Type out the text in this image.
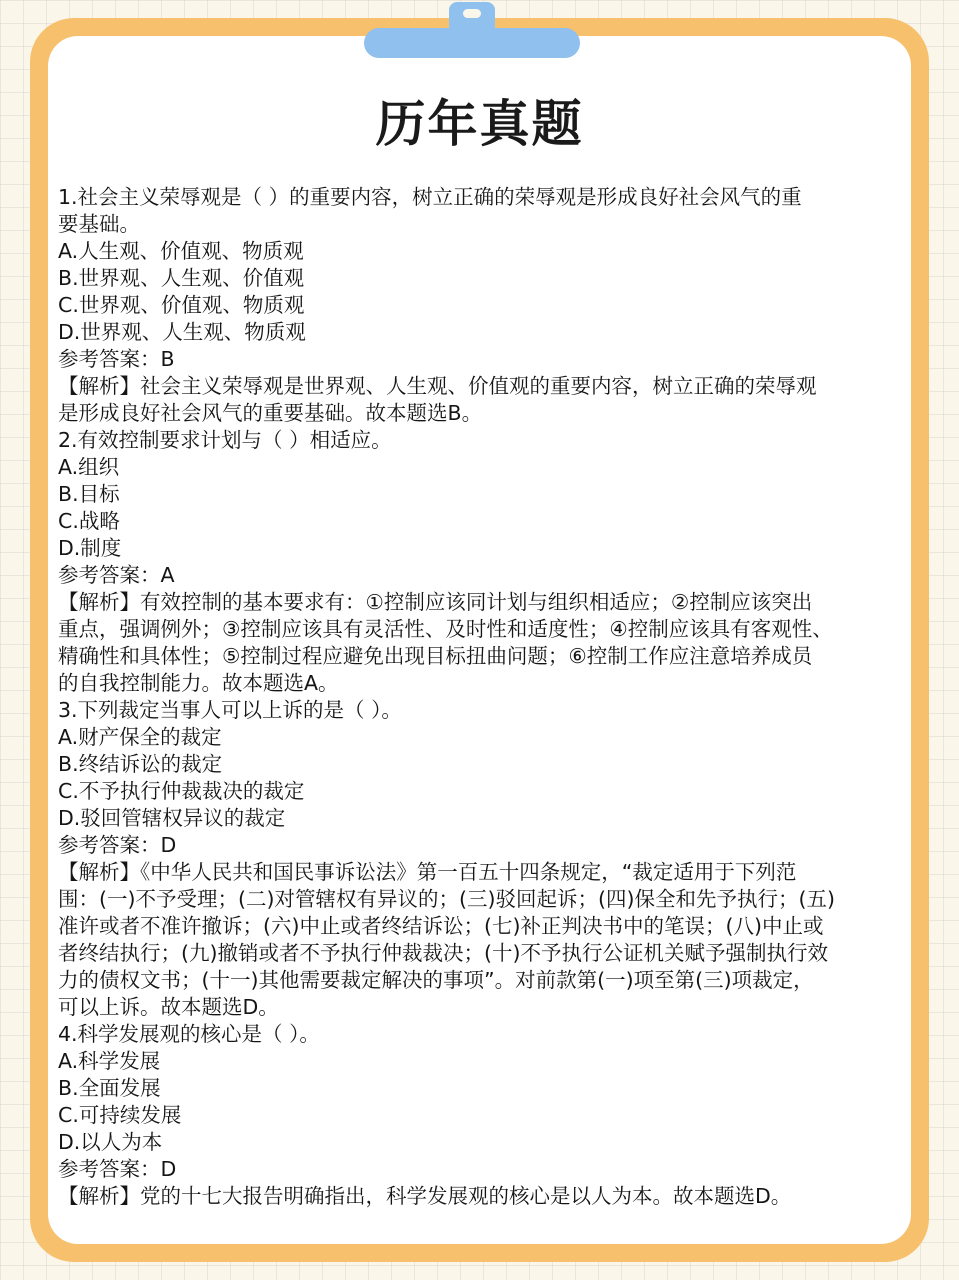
历年真题

1.社会主义荣辱观是（ ）的重要内容，树立正确的荣辱观是形成良好社会风气的重

要基础。

A.人生观、价值观、物质观

B.世界观、人生观、价值观

C.世界观、价值观、物质观

D.世界观、人生观、物质观

参考答案：B

【解析】社会主义荣辱观是世界观、人生观、价值观的重要内容，树立正确的荣辱观

是形成良好社会风气的重要基础。故本题选B。

2.有效控制要求计划与（ ）相适应。

A.组织

B.目标

C.战略

D.制度

参考答案：A

【解析】有效控制的基本要求有：①控制应该同计划与组织相适应；②控制应该突出

重点，强调例外；③控制应该具有灵活性、及时性和适度性；④控制应该具有客观性、

精确性和具体性；⑤控制过程应避免出现目标扭曲问题；⑥控制工作应注意培养成员

的自我控制能力。故本题选A。

3.下列裁定当事人可以上诉的是（ ）。

A.财产保全的裁定

B.终结诉讼的裁定

C.不予执行仲裁裁决的裁定

D.驳回管辖权异议的裁定

参考答案：D

【解析】《中华人民共和国民事诉讼法》第一百五十四条规定，“裁定适用于下列范

围：(一)不予受理；(二)对管辖权有异议的；(三)驳回起诉；(四)保全和先予执行；(五)

准许或者不准许撤诉；(六)中止或者终结诉讼；(七)补正判决书中的笔误；(八)中止或

者终结执行；(九)撤销或者不予执行仲裁裁决；(十)不予执行公证机关赋予强制执行效

力的债权文书；(十一)其他需要裁定解决的事项”。对前款第(一)项至第(三)项裁定，

可以上诉。故本题选D。

4.科学发展观的核心是（ ）。

A.科学发展

B.全面发展

C.可持续发展

D.以人为本

参考答案：D

【解析】党的十七大报告明确指出，科学发展观的核心是以人为本。故本题选D。
